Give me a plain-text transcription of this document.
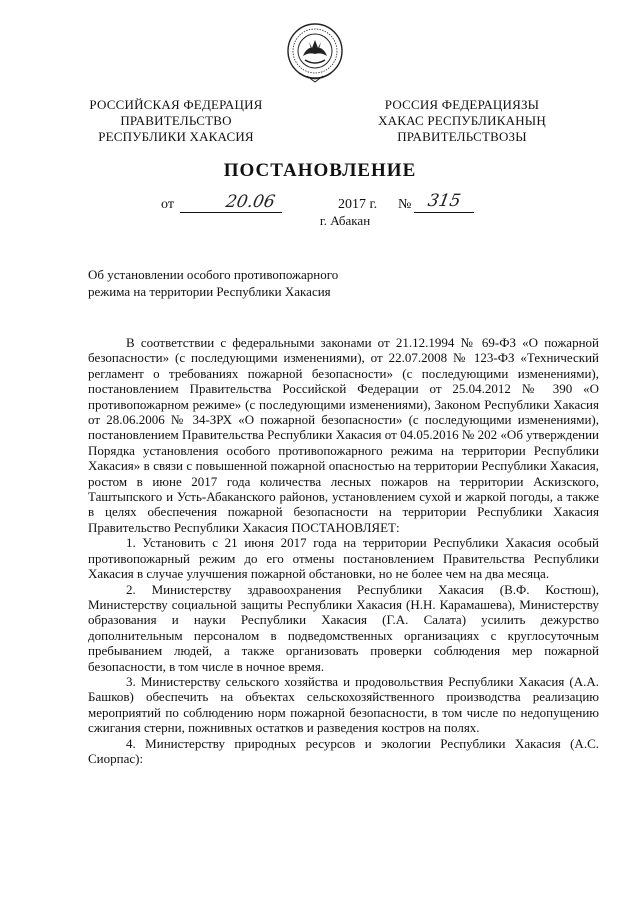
РОССИЙСКАЯ ФЕДЕРАЦИЯ
ПРАВИТЕЛЬСТВО
РЕСПУБЛИКИ ХАКАСИЯ
РОССИЯ ФЕДЕРАЦИЯЗЫ
ХАКАС РЕСПУБЛИКАНЫҢ
ПРАВИТЕЛЬСТВОЗЫ
ПОСТАНОВЛЕНИЕ
от	20.06	2017 г. № 315
г. Абакан
Об установлении особого противопожарного
режима на территории Республики Хакасия

В соответствии с федеральными законами от 21.12.1994 № 69-ФЗ «О пожарной безопасности» (с последующими изменениями), от 22.07.2008 № 123-ФЗ «Технический регламент о требованиях пожарной безопасности» (с последующими изменениями), постановлением Правительства Российской Федерации от 25.04.2012 № 390 «О противопожарном режиме» (с последующими изменениями), Законом Республики Хакасия от 28.06.2006 № 34-ЗРХ «О пожарной безопасности» (с последующими изменениями), постановлением Правительства Республики Хакасия от 04.05.2016 № 202 «Об утверждении Порядка установления особого противопожарного режима на территории Республики Хакасия» в связи с повышенной пожарной опасностью на территории Республики Хакасия, ростом в июне 2017 года количества лесных пожаров на территории Аскизского, Таштыпского и Усть-Абаканского районов, установлением сухой и жаркой погоды, а также в целях обеспечения пожарной безопасности на территории Республики Хакасия Правительство Республики Хакасия ПОСТАНОВЛЯЕТ:

1. Установить с 21 июня 2017 года на территории Республики Хакасия особый противопожарный режим до его отмены постановлением Правительства Республики Хакасия в случае улучшения пожарной обстановки, но не более чем на два месяца.

2. Министерству здравоохранения Республики Хакасия (В.Ф. Костюш), Министерству социальной защиты Республики Хакасия (Н.Н. Карамашева), Министерству образования и науки Республики Хакасия (Г.А. Салата) усилить дежурство дополнительным персоналом в подведомственных организациях с круглосуточным пребыванием людей, а также организовать проверки соблюдения мер пожарной безопасности, в том числе в ночное время.

3. Министерству сельского хозяйства и продовольствия Республики Хакасия (А.А. Башков) обеспечить на объектах сельскохозяйственного производства реализацию мероприятий по соблюдению норм пожарной безопасности, в том числе по недопущению сжигания стерни, пожнивных остатков и разведения костров на полях.

4. Министерству природных ресурсов и экологии Республики Хакасия (А.С. Сиорпас):
